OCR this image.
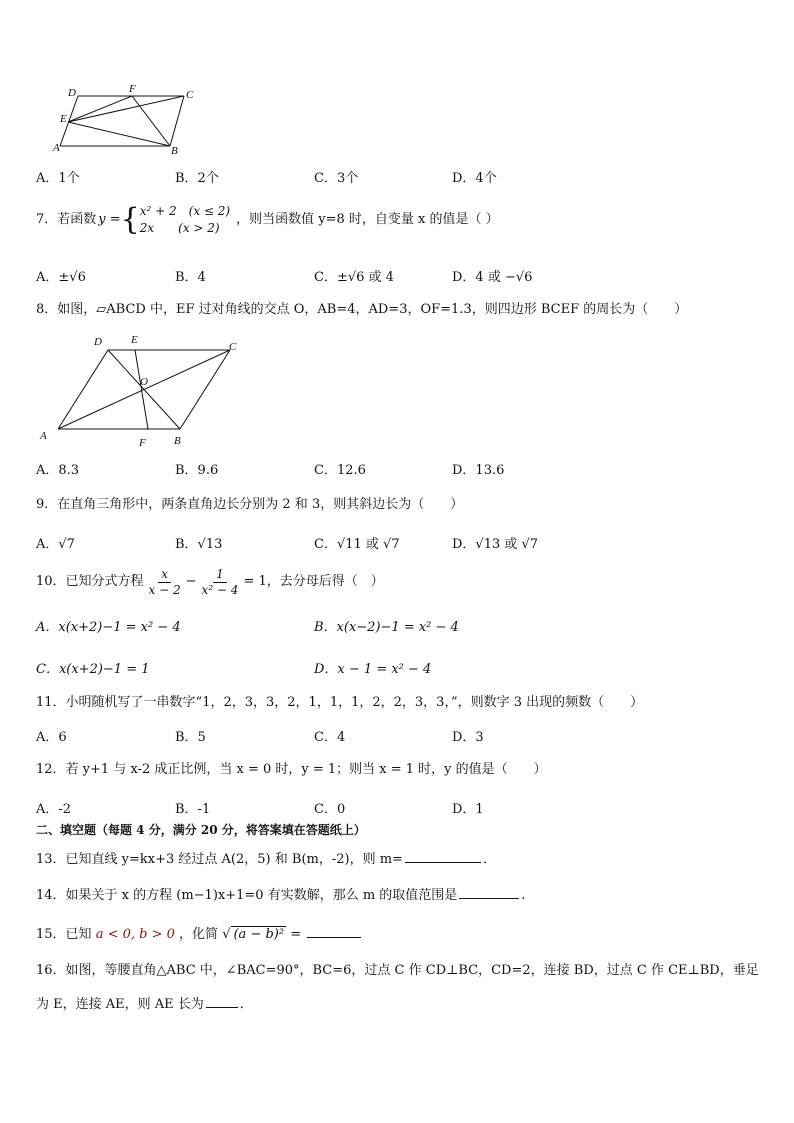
D	F	C
E
A	B
A．1个	B．2个	C．3个	D．4个
7．若函数 y = { x² + 2　(x ≤ 2)
2x　　(x > 2)
，则当函数值 y=8 时，自变量 x 的值是（ ）
A．±√6	B．4	C．±√6 或 4	D．4 或 −√6
8．如图，▱ABCD 中，EF 过对角线的交点 O，AB=4，AD=3，OF=1.3，则四边形 BCEF 的周长为（　　）
D	E
C
O
A
F	B
A．8.3	B．9.6	C．12.6	D．13.6
9．在直角三角形中，两条直角边长分别为 2 和 3，则其斜边长为（　　）
A．√7	B．√13	C．√11 或 √7	D．√13 或 √7
10．已知分式方程 $\frac{x}{x - 2} - \frac{1}{\text{x² − 4}} = 1$，去分母后得（　）
A．x(x+2)−1 = x² − 4	B．x(x−2)−1 = x² − 4
C．x(x+2)−1 = 1	D．x − 1 = x² − 4
11．小明随机写了一串数字“1，2，3，3，2，1，1，1，2，2，3，3，”，则数字 3 出现的频数（　　）
A．6	B．5	C．4	D．3
12．若 y+1 与 x-2 成正比例，当 x = 0 时，y = 1；则当 x = 1 时，y 的值是（　　）
A．-2	B．-1	C．0	D．1
二、填空题（每题 4 分，满分 20 分，将答案填在答题纸上）
13．已知直线 y=kx+3 经过点 A(2，5) 和 B(m，-2)，则 m=	．
14．如果关于 x 的方程 (m−1)x+1=0 有实数解，那么 m 的取值范围是	.
15．已知 a < 0, b > 0 ，化简 √ (a − b)² =
16．如图，等腰直角△ABC 中，∠BAC=90°，BC=6，过点 C 作 CD⊥BC，CD=2，连接 BD，过点 C 作 CE⊥BD，垂足
为 E，连接 AE，则 AE 长为	．
